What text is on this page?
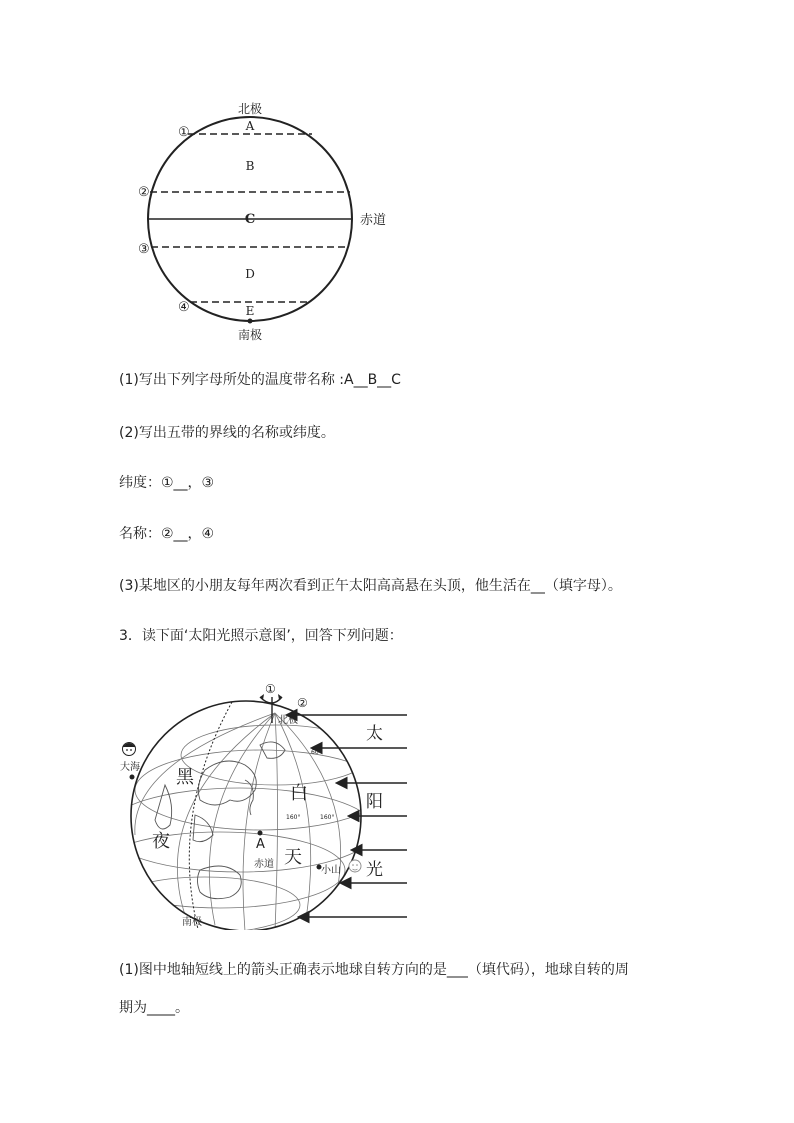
北极
A
B
C
D
E
南极
赤道
①
②
③
④
(1)写出下列字母所处的温度带名称 :A__B__C
(2)写出五带的界线的名称或纬度。
纬度：①__，③
名称：②__，④
(3)某地区的小朋友每年两次看到正午太阳高高悬在头顶，他生活在__（填字母）。
3．读下面‘太阳光照示意图’，回答下列问题：
①
②
北极
太
阳
光
黑
夜
白
天
A
赤道
南极
160°	160°
60°
大海
小山
(1)图中地轴短线上的箭头正确表示地球自转方向的是___（填代码），地球自转的周
期为____。
